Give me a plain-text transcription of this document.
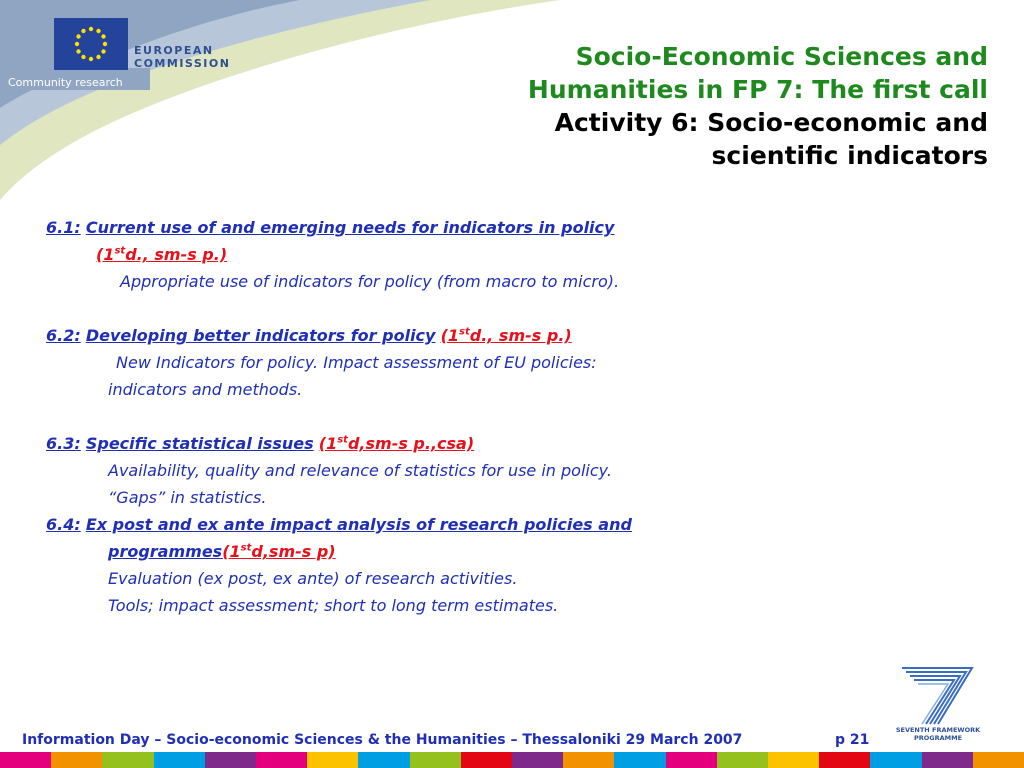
EUROPEAN
COMMISSION
Community research
Socio-Economic Sciences and
Humanities in FP 7: The first call
Activity 6: Socio-economic and
scientific indicators
6.1: Current use of and emerging needs for indicators in policy
(1std., sm-s p.)
Appropriate use of indicators for policy (from macro to micro).
6.2: Developing better indicators for policy (1std., sm-s p.)
New Indicators for policy. Impact assessment of EU policies:
indicators and methods.
6.3: Specific statistical issues (1std,sm-s p.,csa)
Availability, quality and relevance of statistics for use in policy.
“Gaps” in statistics.
6.4: Ex post and ex ante impact analysis of research policies and
programmes(1std,sm-s p)
Evaluation (ex post, ex ante) of research activities.
Tools; impact assessment; short to long term estimates.
SEVENTH FRAMEWORK
PROGRAMME
Information Day – Socio-economic Sciences & the Humanities – Thessaloniki 29 March 2007	p 21
